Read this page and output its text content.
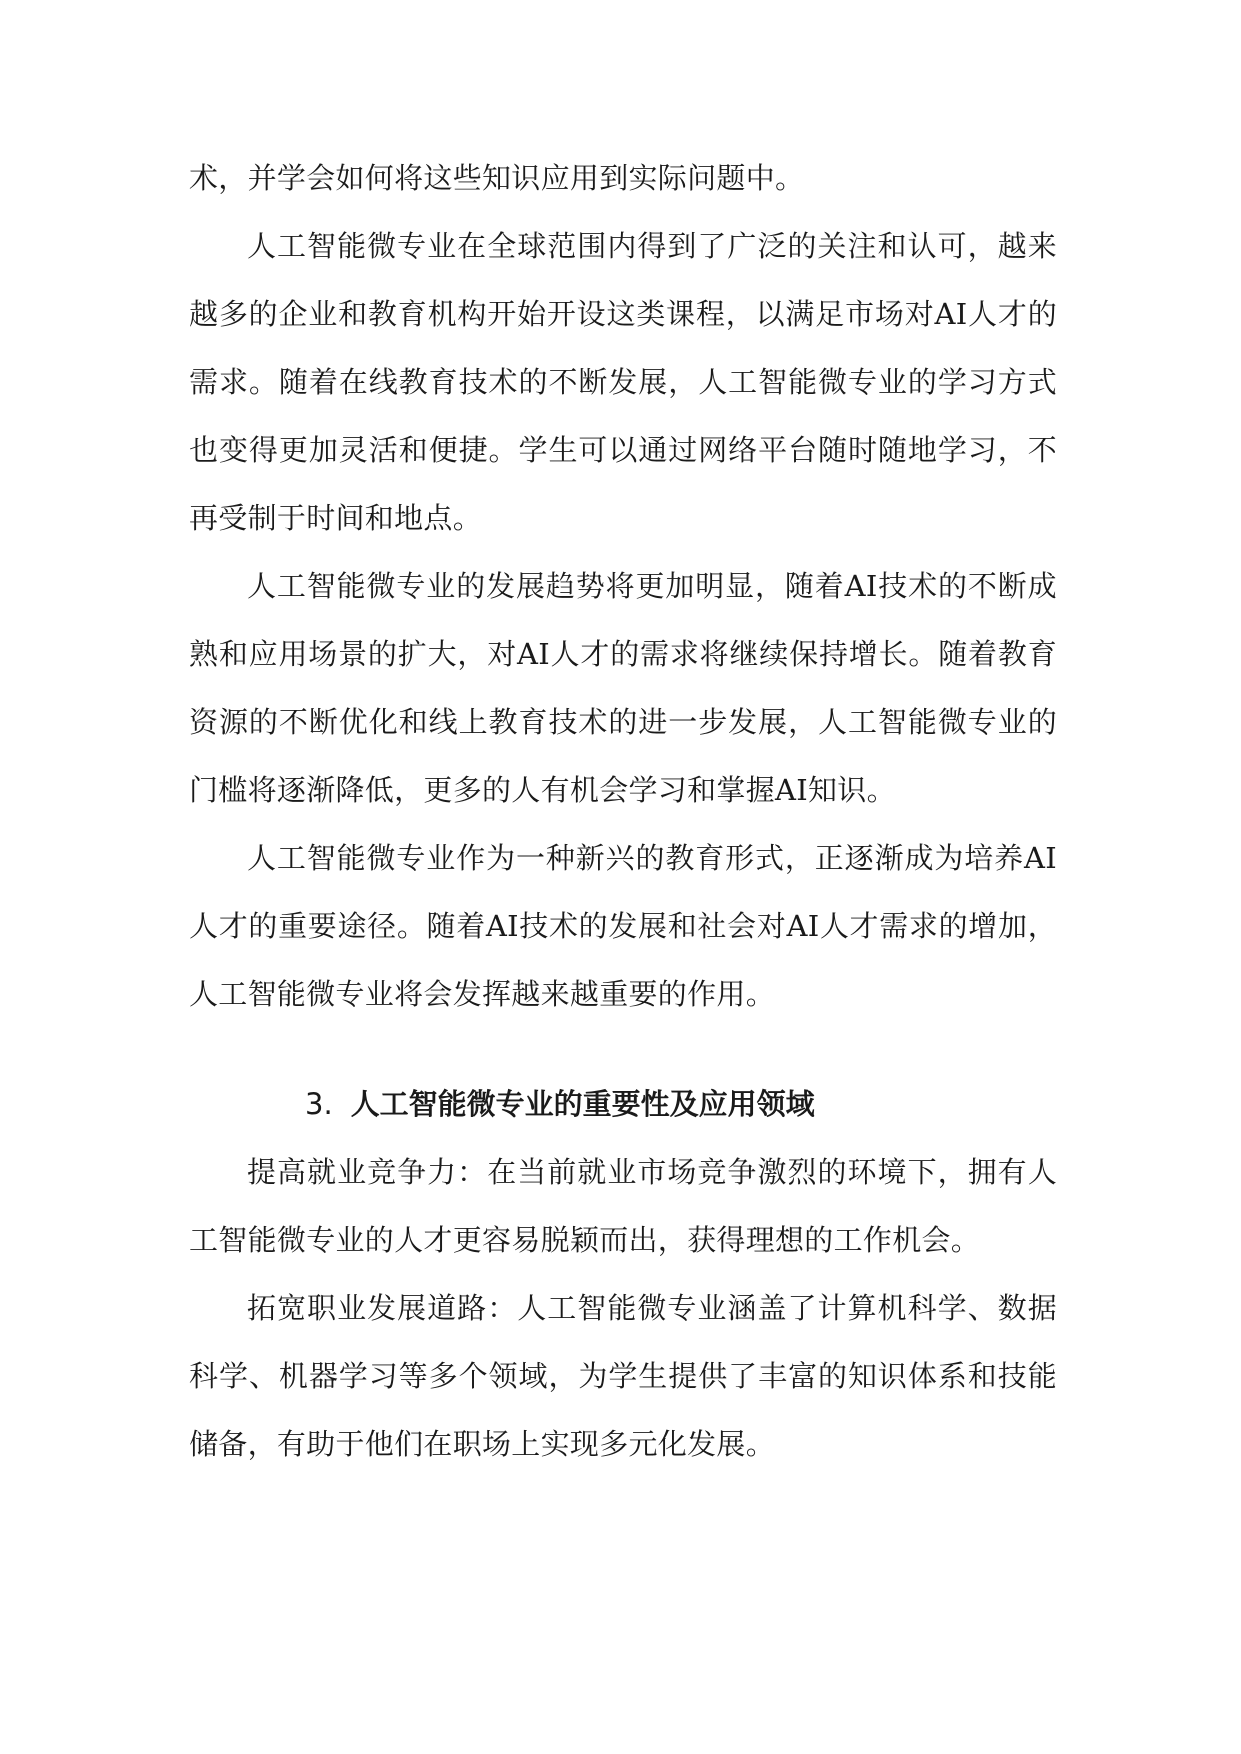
术，并学会如何将这些知识应用到实际问题中。

人工智能微专业在全球范围内得到了广泛的关注和认可，越来越多的企业和教育机构开始开设这类课程，以满足市场对AI人才的需求。随着在线教育技术的不断发展，人工智能微专业的学习方式也变得更加灵活和便捷。学生可以通过网络平台随时随地学习，不再受制于时间和地点。

人工智能微专业的发展趋势将更加明显，随着AI技术的不断成熟和应用场景的扩大，对AI人才的需求将继续保持增长。随着教育资源的不断优化和线上教育技术的进一步发展，人工智能微专业的门槛将逐渐降低，更多的人有机会学习和掌握AI知识。

人工智能微专业作为一种新兴的教育形式，正逐渐成为培养AI人才的重要途径。随着AI技术的发展和社会对AI人才需求的增加，人工智能微专业将会发挥越来越重要的作用。

3. 人工智能微专业的重要性及应用领域

提高就业竞争力：在当前就业市场竞争激烈的环境下，拥有人工智能微专业的人才更容易脱颖而出，获得理想的工作机会。

拓宽职业发展道路：人工智能微专业涵盖了计算机科学、数据科学、机器学习等多个领域，为学生提供了丰富的知识体系和技能储备，有助于他们在职场上实现多元化发展。
